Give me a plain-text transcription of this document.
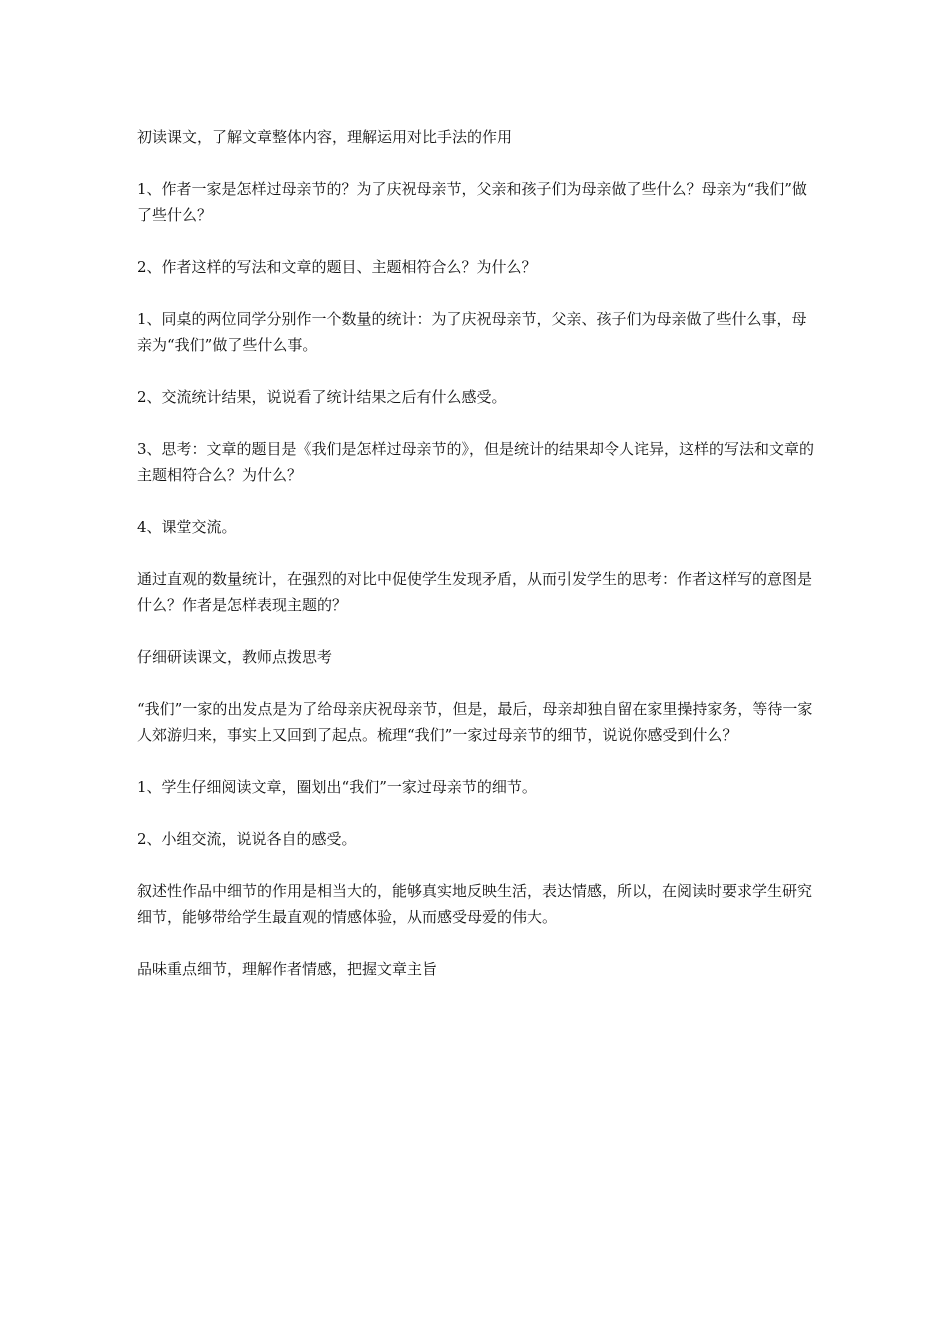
初读课文，了解文章整体内容，理解运用对比手法的作用

1、作者一家是怎样过母亲节的？为了庆祝母亲节，父亲和孩子们为母亲做了些什么？母亲为“我们”做了些什么？

2、作者这样的写法和文章的题目、主题相符合么？为什么？

1、同桌的两位同学分别作一个数量的统计：为了庆祝母亲节，父亲、孩子们为母亲做了些什么事，母亲为“我们”做了些什么事。

2、交流统计结果，说说看了统计结果之后有什么感受。

3、思考：文章的题目是《我们是怎样过母亲节的》，但是统计的结果却令人诧异，这样的写法和文章的主题相符合么？为什么？

4、课堂交流。

通过直观的数量统计，在强烈的对比中促使学生发现矛盾，从而引发学生的思考：作者这样写的意图是什么？作者是怎样表现主题的？

仔细研读课文，教师点拨思考

“我们”一家的出发点是为了给母亲庆祝母亲节，但是，最后，母亲却独自留在家里操持家务，等待一家人郊游归来，事实上又回到了起点。梳理“我们”一家过母亲节的细节，说说你感受到什么？

1、学生仔细阅读文章，圈划出“我们”一家过母亲节的细节。

2、小组交流，说说各自的感受。

叙述性作品中细节的作用是相当大的，能够真实地反映生活，表达情感，所以，在阅读时要求学生研究细节，能够带给学生最直观的情感体验，从而感受母爱的伟大。

品味重点细节，理解作者情感，把握文章主旨
